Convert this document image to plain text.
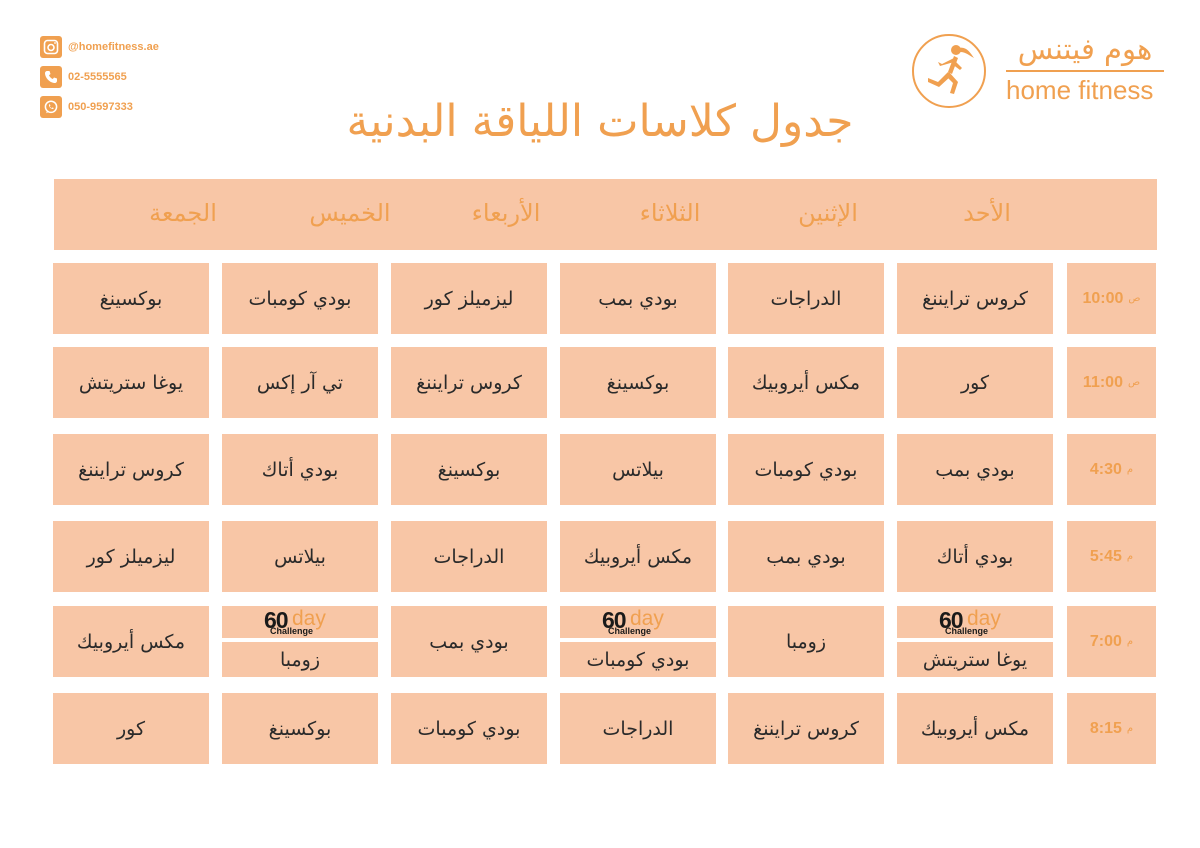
@homefitness.ae
02-5555565
050-9597333
هوم فيتنس
home fitness
جدول كلاسات اللياقة البدنية
الأحد
الإثنين
الثلاثاء
الأربعاء
الخميس
الجمعة
10:00 ص
كروس ترايننغ
الدراجات
بودي بمب
ليزميلز كور
بودي كومبات
بوكسينغ
11:00 ص
كور
مكس أيروبيك
بوكسينغ
كروس ترايننغ
تي آر إكس
يوغا ستريتش
4:30 م
بودي بمب
بودي كومبات
بيلاتس
بوكسينغ
بودي أتاك
كروس ترايننغ
5:45 م
بودي أتاك
بودي بمب
مكس أيروبيك
الدراجات
بيلاتس
ليزميلز كور
7:00 م
60 day
Challenge
يوغا ستريتش
زومبا
60 day
Challenge
بودي كومبات
بودي بمب
60 day
Challenge
زومبا
مكس أيروبيك
8:15 م
مكس أيروبيك
كروس ترايننغ
الدراجات
بودي كومبات
بوكسينغ
كور
